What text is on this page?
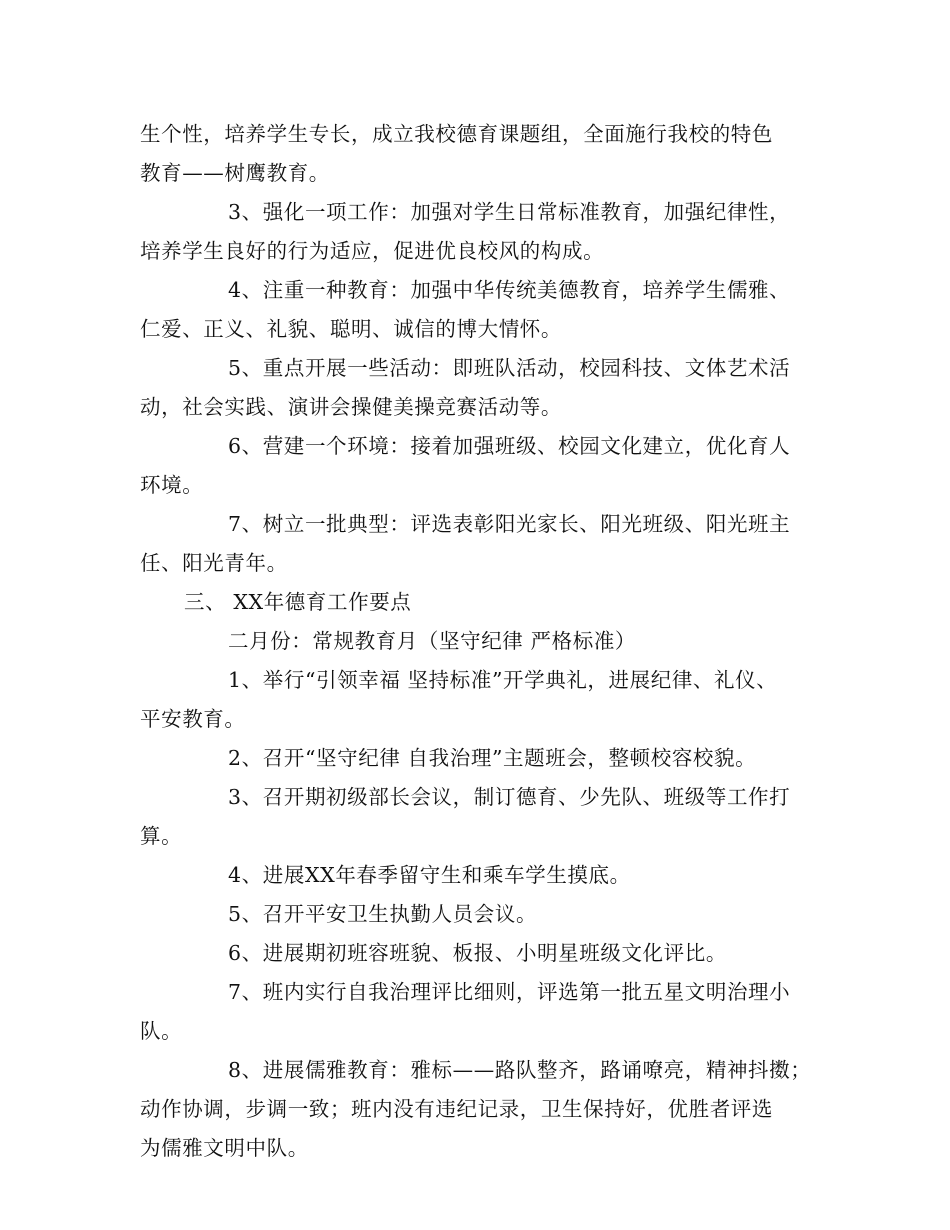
生个性，培养学生专长，成立我校德育课题组，全面施行我校的特色
教育——树鹰教育。
3、强化一项工作：加强对学生日常标准教育，加强纪律性，
培养学生良好的行为适应，促进优良校风的构成。
4、注重一种教育：加强中华传统美德教育，培养学生儒雅、
仁爱、正义、礼貌、聪明、诚信的博大情怀。
5、重点开展一些活动：即班队活动，校园科技、文体艺术活
动，社会实践、演讲会操健美操竞赛活动等。
6、营建一个环境：接着加强班级、校园文化建立，优化育人
环境。
7、树立一批典型：评选表彰阳光家长、阳光班级、阳光班主
任、阳光青年。
三、 XX年德育工作要点
二月份：常规教育月（坚守纪律 严格标准）
1、举行“引领幸福 坚持标准”开学典礼，进展纪律、礼仪、
平安教育。
2、召开“坚守纪律 自我治理”主题班会，整顿校容校貌。
3、召开期初级部长会议，制订德育、少先队、班级等工作打
算。
4、进展XX年春季留守生和乘车学生摸底。
5、召开平安卫生执勤人员会议。
6、进展期初班容班貌、板报、小明星班级文化评比。
7、班内实行自我治理评比细则，评选第一批五星文明治理小
队。
8、进展儒雅教育：雅标——路队整齐，路诵嘹亮，精神抖擞；
动作协调，步调一致；班内没有违纪记录，卫生保持好，优胜者评选
为儒雅文明中队。
